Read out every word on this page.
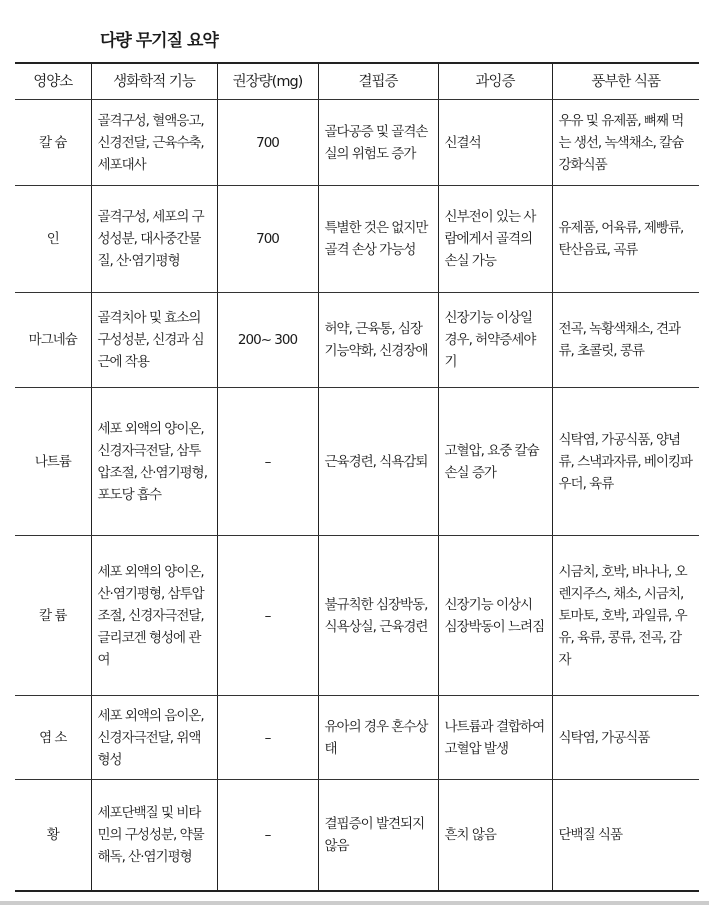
다량 무기질 요약
영양소	생화학적 기능	권장량(mg)	결핍증	과잉증	풍부한 식품
칼 슘	골격구성, 혈액응고, 신경전달, 근육수축, 세포대사	700	골다공증 및 골격손실의 위험도 증가	신결석	우유 및 유제품, 뼈째 먹는 생선, 녹색채소, 칼슘강화식품
인	골격구성, 세포의 구성성분, 대사중간물질, 산·염기평형	700	특별한 것은 없지만 골격 손상 가능성	신부전이 있는 사람에게서 골격의 손실 가능	유제품, 어육류, 제빵류, 탄산음료, 곡류
마그네슘	골격치아 및 효소의 구성성분, 신경과 심근에 작용	200~ 300	허약, 근육통, 심장기능약화, 신경장애	신장기능 이상일 경우, 허약증세야기	전곡, 녹황색채소, 견과류, 초콜릿, 콩류
나트륨	세포 외액의 양이온, 신경자극전달, 삼투압조절, 산·염기평형, 포도당 흡수	–	근육경련, 식욕감퇴	고혈압, 요중 칼슘 손실 증가	식탁염, 가공식품, 양념류, 스낵과자류, 베이킹파우더, 육류
칼 륨	세포 외액의 양이온, 산·염기평형, 삼투압조절, 신경자극전달, 글리코겐 형성에 관여	–	불규칙한 심장박동, 식욕상실, 근육경련	신장기능 이상시 심장박동이 느려짐	시금치, 호박, 바나나, 오렌지주스, 채소, 시금치, 토마토, 호박, 과일류, 우유, 육류, 콩류, 전곡, 감자
염 소	세포 외액의 음이온, 신경자극전달, 위액형성	–	유아의 경우 혼수상태	나트륨과 결합하여 고혈압 발생	식탁염, 가공식품
황	세포단백질 및 비타민의 구성성분, 약물해독, 산·염기평형	–	결핍증이 발견되지 않음	흔치 않음	단백질 식품
